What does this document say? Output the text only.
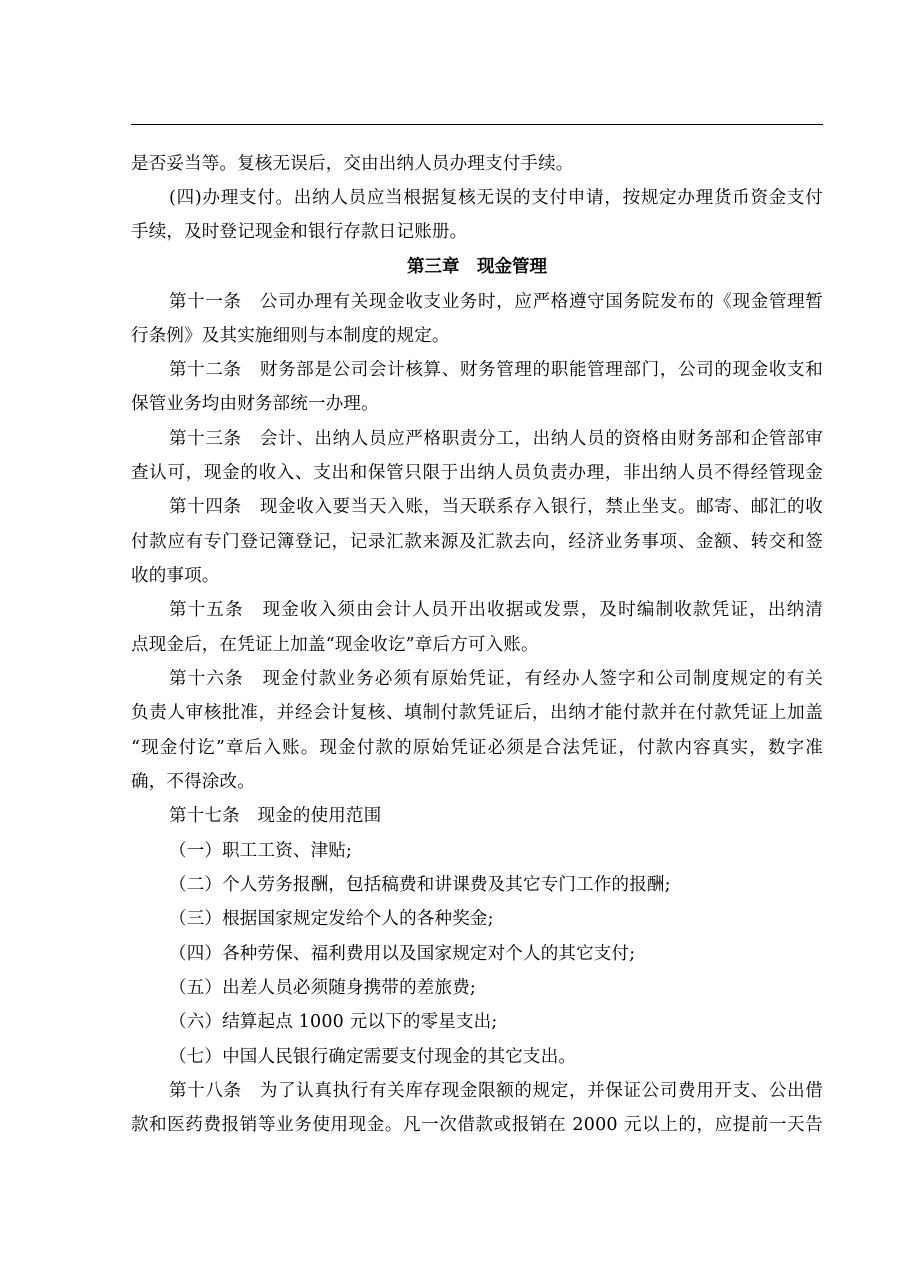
是否妥当等。复核无误后，交由出纳人员办理支付手续。
(四)办理支付。出纳人员应当根据复核无误的支付申请，按规定办理货币资金支付
手续，及时登记现金和银行存款日记账册。
第三章　现金管理
第十一条　公司办理有关现金收支业务时，应严格遵守国务院发布的《现金管理暂
行条例》及其实施细则与本制度的规定。
第十二条　财务部是公司会计核算、财务管理的职能管理部门，公司的现金收支和
保管业务均由财务部统一办理。
第十三条　会计、出纳人员应严格职责分工，出纳人员的资格由财务部和企管部审
查认可，现金的收入、支出和保管只限于出纳人员负责办理，非出纳人员不得经管现金
第十四条　现金收入要当天入账，当天联系存入银行，禁止坐支。邮寄、邮汇的收
付款应有专门登记簿登记，记录汇款来源及汇款去向，经济业务事项、金额、转交和签
收的事项。
第十五条　现金收入须由会计人员开出收据或发票，及时编制收款凭证，出纳清
点现金后，在凭证上加盖“现金收讫”章后方可入账。
第十六条　现金付款业务必须有原始凭证，有经办人签字和公司制度规定的有关
负责人审核批准，并经会计复核、填制付款凭证后，出纳才能付款并在付款凭证上加盖
“现金付讫”章后入账。现金付款的原始凭证必须是合法凭证，付款内容真实，数字准
确，不得涂改。
第十七条　现金的使用范围
（一）职工工资、津贴;
（二）个人劳务报酬，包括稿费和讲课费及其它专门工作的报酬;
（三）根据国家规定发给个人的各种奖金;
（四）各种劳保、福利费用以及国家规定对个人的其它支付;
（五）出差人员必须随身携带的差旅费;
（六）结算起点 1000 元以下的零星支出;
（七）中国人民银行确定需要支付现金的其它支出。
第十八条　为了认真执行有关库存现金限额的规定，并保证公司费用开支、公出借
款和医药费报销等业务使用现金。凡一次借款或报销在 2000 元以上的，应提前一天告
